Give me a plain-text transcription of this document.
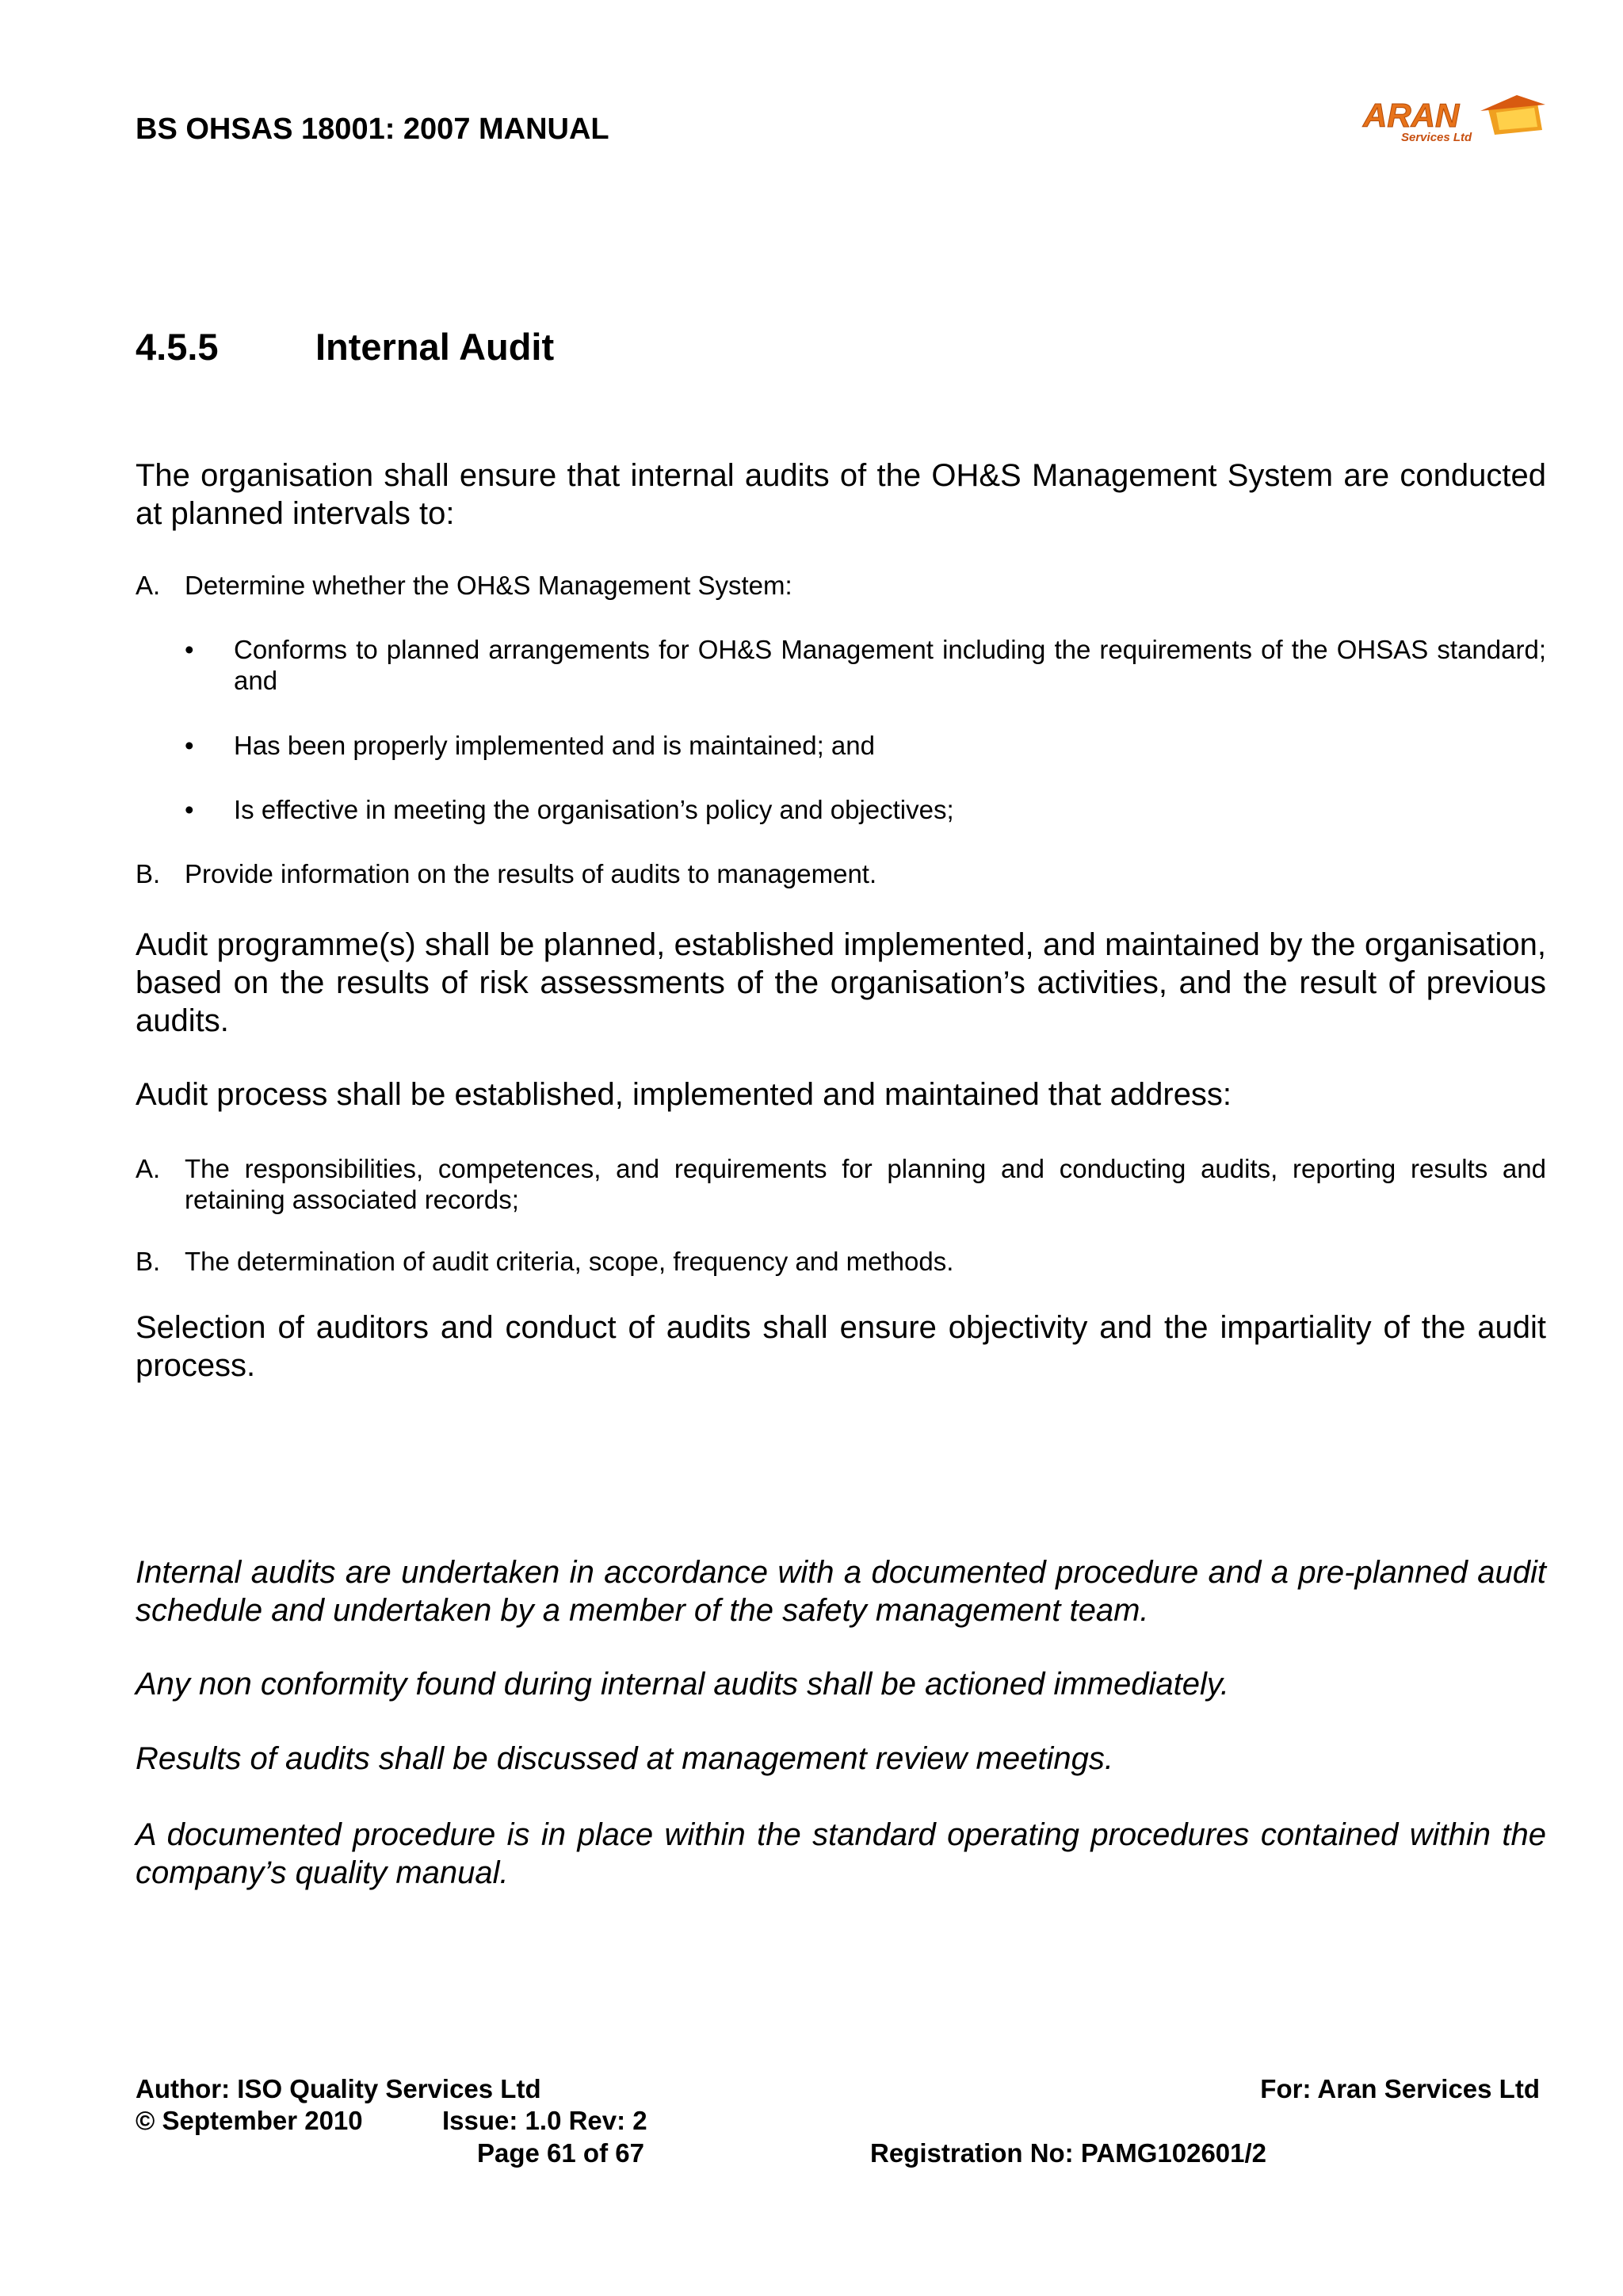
BS OHSAS 18001: 2007 MANUAL	ARAN
Services Ltd
4.5.5	Internal Audit
The organisation shall ensure that internal audits of the OH&S Management System are conducted at planned intervals to:
A. Determine whether the OH&S Management System:
• Conforms to planned arrangements for OH&S Management including the requirements of the OHSAS standard; and
• Has been properly implemented and is maintained; and
• Is effective in meeting the organisation’s policy and objectives;
B. Provide information on the results of audits to management.
Audit programme(s) shall be planned, established implemented, and maintained by the organisation, based on the results of risk assessments of the organisation’s activities, and the result of previous audits.
Audit process shall be established, implemented and maintained that address:
A. The responsibilities, competences, and requirements for planning and conducting audits, reporting results and retaining associated records;
B. The determination of audit criteria, scope, frequency and methods.
Selection of auditors and conduct of audits shall ensure objectivity and the impartiality of the audit process.
Internal audits are undertaken in accordance with a documented procedure and a pre-planned audit schedule and undertaken by a member of the safety management team.
Any non conformity found during internal audits shall be actioned immediately.
Results of audits shall be discussed at management review meetings.
A documented procedure is in place within the standard operating procedures contained within the company’s quality manual.
Author: ISO Quality Services Ltd
© September 2010	Issue: 1.0 Rev: 2
Page 61 of 67
For: Aran Services Ltd
Registration No: PAMG102601/2
